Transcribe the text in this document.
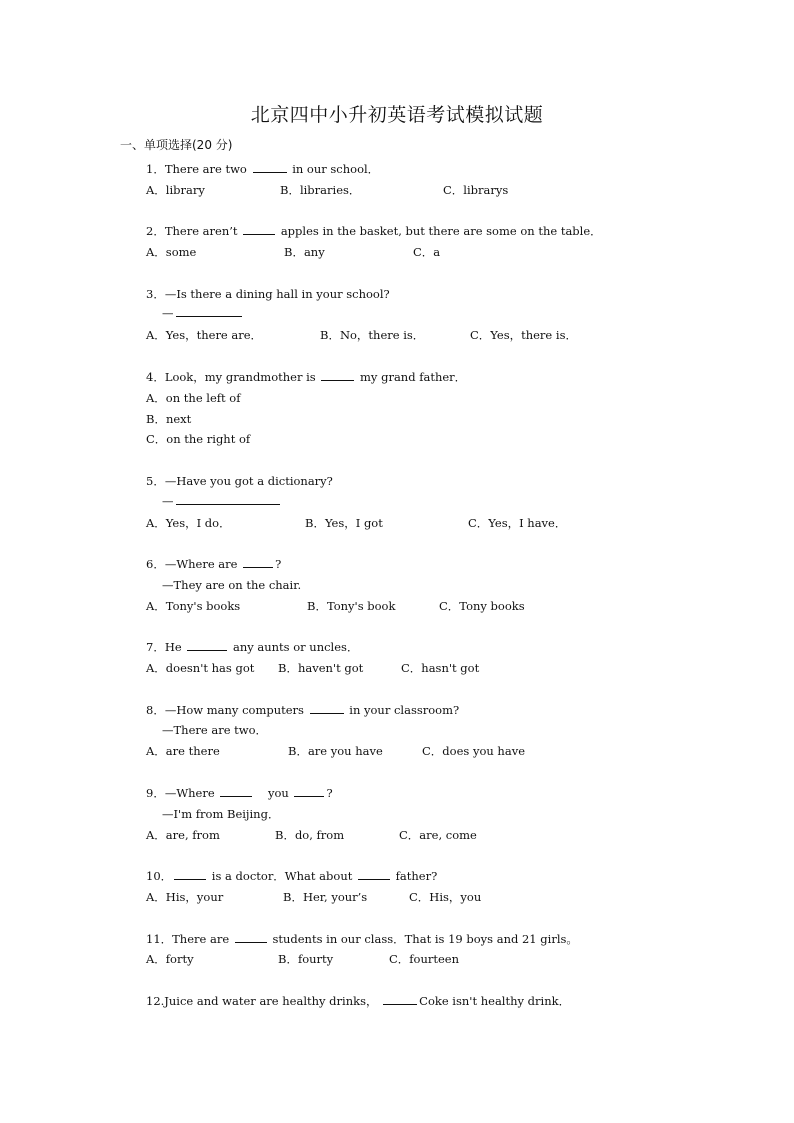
北京四中小升初英语考试模拟试题
一、单项选择(20 分)
1．There are two	in our school．
A．library	B．libraries．	C．librarys
2．There aren’t	apples in the basket, but there are some on the table．
A．some	B．any	C．a
3．—Is there a dining hall in your school?
—
A．Yes，there are．	B．No，there is．	C．Yes，there is．
4．Look，my grandmother is	my grand father．
A．on the left of
B．next
C．on the right of
5．—Have you got a dictionary?
—
A．Yes，I do．	B．Yes，I got	C．Yes，I have．
6．—Where are	?
—They are on the chair.
A．Tony's books	B．Tony's book	C．Tony books
7．He	any aunts or uncles．
A．doesn't has got B．haven't got	C．hasn't got
8．—How many computers	in your classroom?
—There are two．
A．are there	B．are you have	C．does you have
9．—Where	you	?
—I'm from Beijing．
A．are, from	B．do, from	C．are, come
10．	is a doctor．What about	father?
A．His，your	B．Her, your’s	C．His，you
11．There are	students in our class．That is 19 boys and 21 girls。
A．forty	B．fourty	C．fourteen
12.Juice and water are healthy drinks，	Coke isn't healthy drink．
